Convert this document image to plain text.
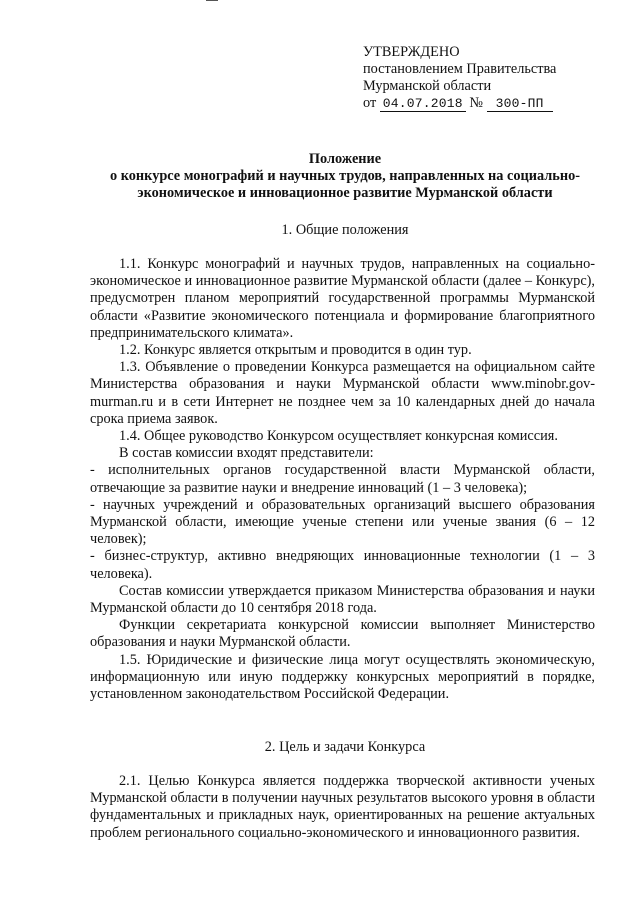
УТВЕРЖДЕНО
постановлением Правительства
Мурманской области
от 04.07.2018 № 300-ПП
Положение
о конкурсе монографий и научных трудов, направленных на социально-
экономическое и инновационное развитие Мурманской области
1. Общие положения

1.1. Конкурс монографий и научных трудов, направленных на социально-экономическое и инновационное развитие Мурманской области (далее – Конкурс), предусмотрен планом мероприятий государственной программы Мурманской области «Развитие экономического потенциала и формирование благоприятного предпринимательского климата».

1.2. Конкурс является открытым и проводится в один тур.

1.3. Объявление о проведении Конкурса размещается на официальном сайте Министерства образования и науки Мурманской области www.minobr.gov-murman.ru и в сети Интернет не позднее чем за 10 календарных дней до начала срока приема заявок.

1.4. Общее руководство Конкурсом осуществляет конкурсная комиссия.

В состав комиссии входят представители:

- исполнительных органов государственной власти Мурманской области, отвечающие за развитие науки и внедрение инноваций (1 – 3 человека);

- научных учреждений и образовательных организаций высшего образования Мурманской области, имеющие ученые степени или ученые звания (6 – 12 человек);

- бизнес-структур, активно внедряющих инновационные технологии (1 – 3 человека).

Состав комиссии утверждается приказом Министерства образования и науки Мурманской области до 10 сентября 2018 года.

Функции секретариата конкурсной комиссии выполняет Министерство образования и науки Мурманской области.

1.5. Юридические и физические лица могут осуществлять экономическую, информационную или иную поддержку конкурсных мероприятий в порядке, установленном законодательством Российской Федерации.

2. Цель и задачи Конкурса

2.1. Целью Конкурса является поддержка творческой активности ученых Мурманской области в получении научных результатов высокого уровня в области фундаментальных и прикладных наук, ориентированных на решение актуальных проблем регионального социально-экономического и инновационного развития.
